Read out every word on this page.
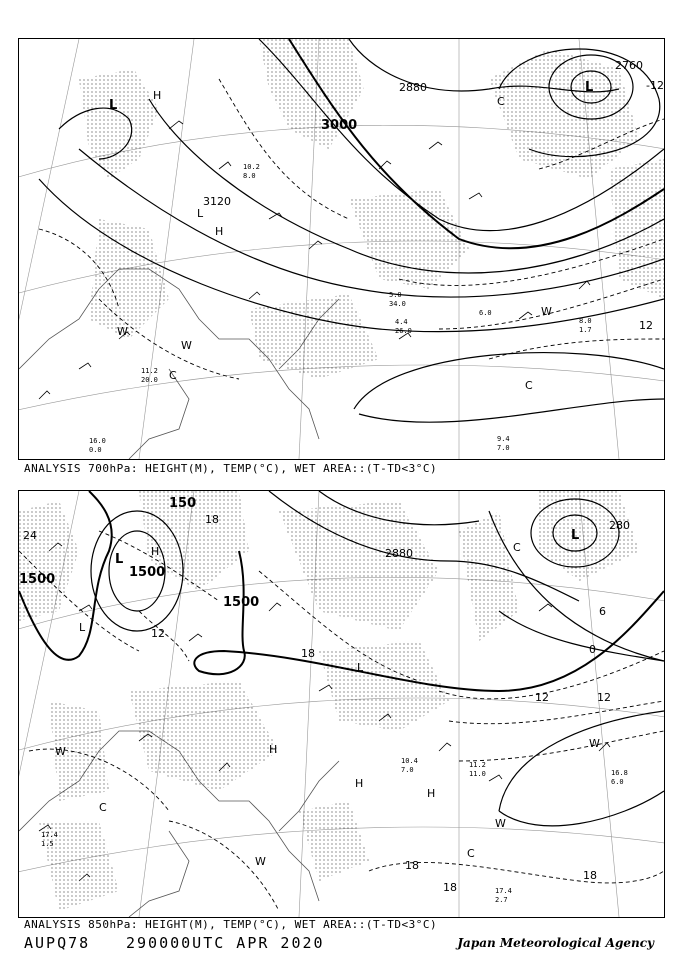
3000
2880
2760
3120
L
L
H
L
C
C
C
W
W
W
H
-12
12
10.2
8.0
4.4
26.0
5.0
34.0
6.0
8.0
1.7
11.2
20.0
9.4
7.0
16.0
0.0
ANALYSIS 700hPa: HEIGHT(M), TEMP(°C), WET AREA::(T-TD<3°C)
1500	1500
1500
150
2880
280
L
L
L
H
H
H
H
C
C
C
W
W
W
W
L
24
18
12
12
18
18
18
0
6
12
18
17.4
1.5
16.8
6.0
11.2
11.0
10.4
7.0
17.4
2.7
ANALYSIS 850hPa: HEIGHT(M), TEMP(°C), WET AREA::(T-TD<3°C)
AUPQ78 290000UTC APR 2020	Japan Meteorological Agency
